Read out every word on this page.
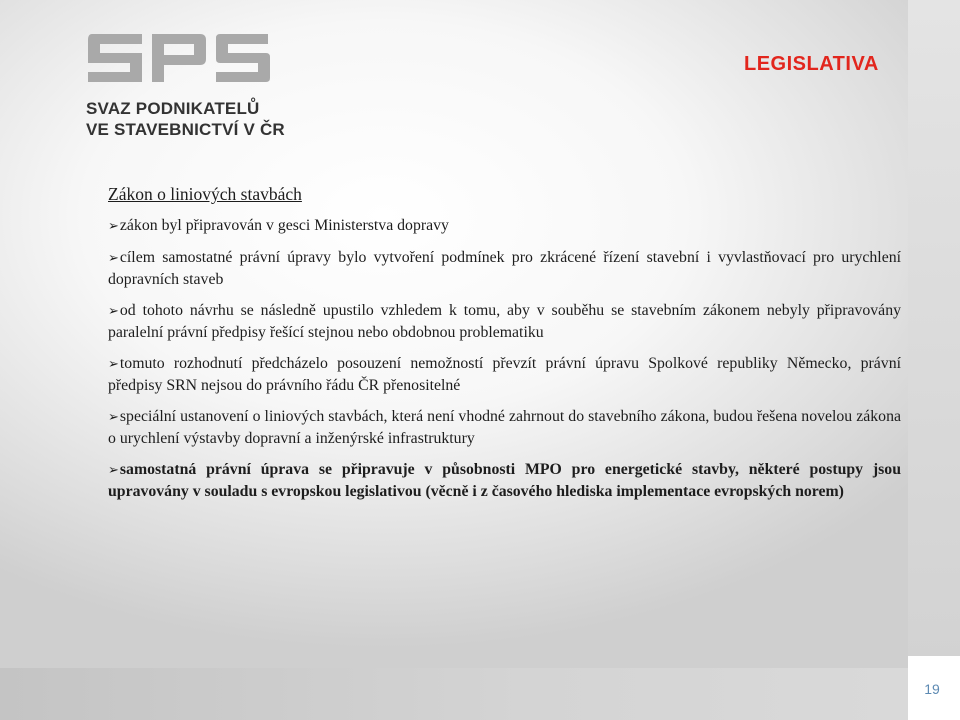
19
SVAZ PODNIKATELŮ
VE STAVEBNICTVÍ V ČR
LEGISLATIVA
Zákon o liniových stavbách
➢zákon byl připravován v gesci Ministerstva dopravy
➢cílem samostatné právní úpravy bylo vytvoření podmínek pro zkrácené řízení stavební i vyvlastňovací pro urychlení dopravních staveb
➢od tohoto návrhu se následně upustilo vzhledem k tomu, aby v souběhu se stavebním zákonem nebyly připravovány paralelní právní předpisy řešící stejnou nebo obdobnou problematiku
➢tomuto rozhodnutí předcházelo posouzení nemožností převzít právní úpravu Spolkové republiky Německo, právní předpisy SRN nejsou do právního řádu ČR přenositelné
➢speciální ustanovení o liniových stavbách, která není vhodné zahrnout do stavebního zákona, budou řešena novelou zákona o urychlení výstavby dopravní a inženýrské infrastruktury
➢samostatná právní úprava se připravuje v působnosti MPO pro energetické stavby, některé postupy jsou upravovány v souladu s evropskou legislativou (věcně i z časového hlediska implementace evropských norem)
